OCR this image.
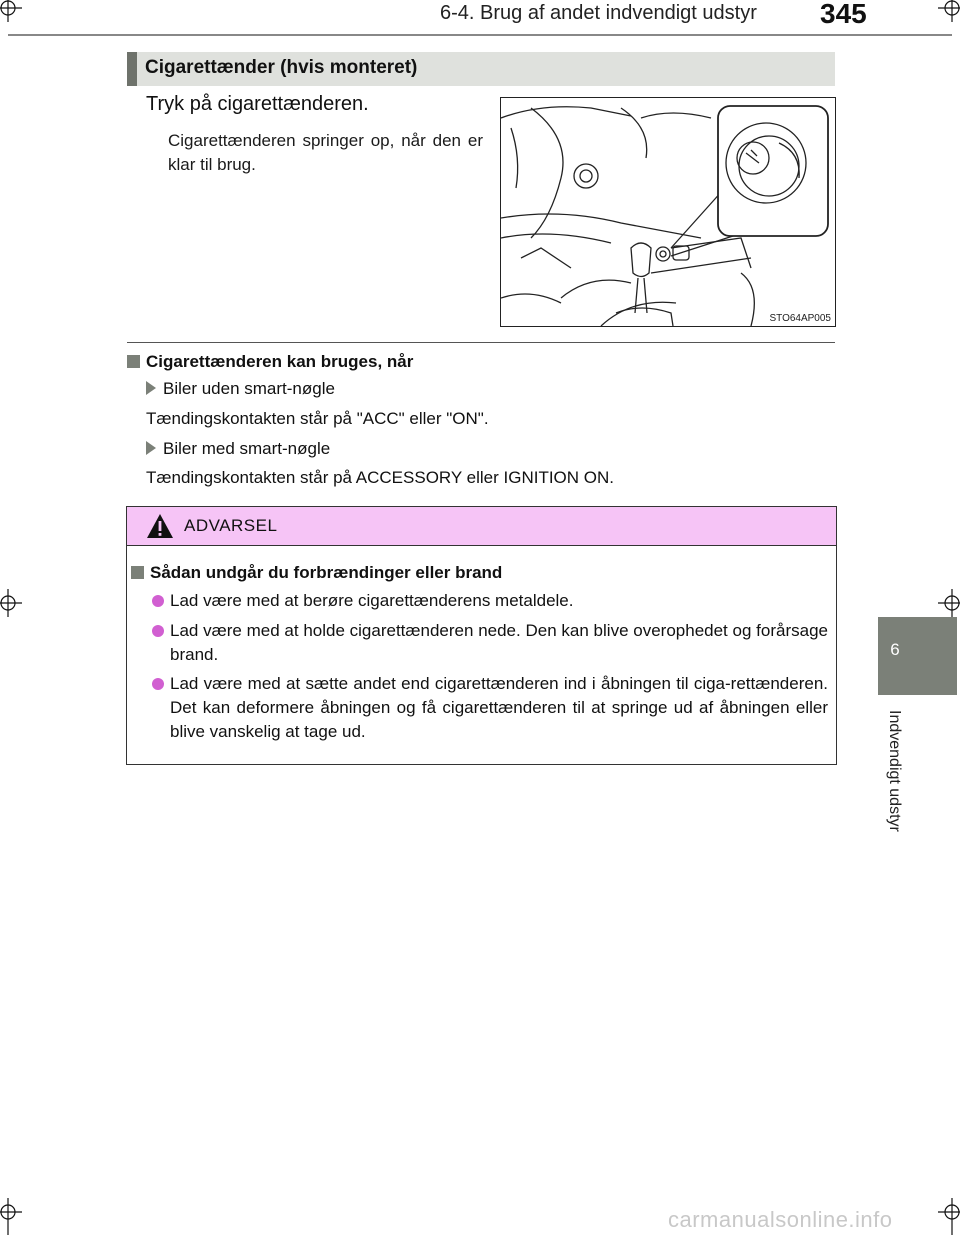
6-4. Brug af andet indvendigt udstyr 345
6
Indvendigt udstyr
Cigarettænder (hvis monteret)
Tryk på cigarettænderen.
Cigarettænderen springer op, når den er klar til brug.
STO64AP005
Cigarettænderen kan bruges, når
Biler uden smart-nøgle
Tændingskontakten står på "ACC" eller "ON".
Biler med smart-nøgle
Tændingskontakten står på ACCESSORY eller IGNITION ON.
ADVARSEL
Sådan undgår du forbrændinger eller brand
Lad være med at berøre cigarettænderens metaldele.
Lad være med at holde cigarettænderen nede. Den kan blive overophedet og forårsage brand.
Lad være med at sætte andet end cigarettænderen ind i åbningen til ciga-rettænderen. Det kan deformere åbningen og få cigarettænderen til at springe ud af åbningen eller blive vanskelig at tage ud.
carmanualsonline.info
